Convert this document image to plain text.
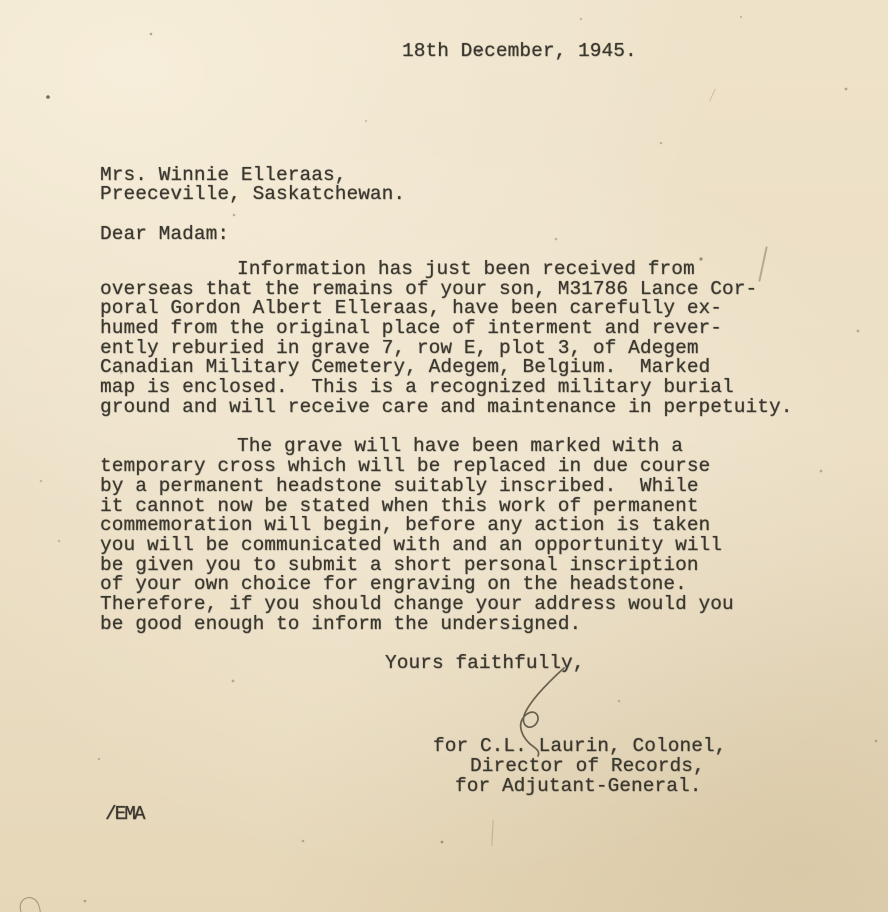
18th December, 1945.
Mrs. Winnie Elleraas,
Preeceville, Saskatchewan.
Dear Madam:
Information has just been received from
overseas that the remains of your son, M31786 Lance Cor-
poral Gordon Albert Elleraas, have been carefully ex-
humed from the original place of interment and rever-
ently reburied in grave 7, row E, plot 3, of Adegem
Canadian Military Cemetery, Adegem, Belgium.  Marked
map is enclosed.  This is a recognized military burial
ground and will receive care and maintenance in perpetuity.
The grave will have been marked with a
temporary cross which will be replaced in due course
by a permanent headstone suitably inscribed.  While
it cannot now be stated when this work of permanent
commemoration will begin, before any action is taken
you will be communicated with and an opportunity will
be given you to submit a short personal inscription
of your own choice for engraving on the headstone.
Therefore, if you should change your address would you
be good enough to inform the undersigned.
Yours faithfully,
for C.L. Laurin, Colonel,
Director of Records,
for Adjutant-General.
/EMA
